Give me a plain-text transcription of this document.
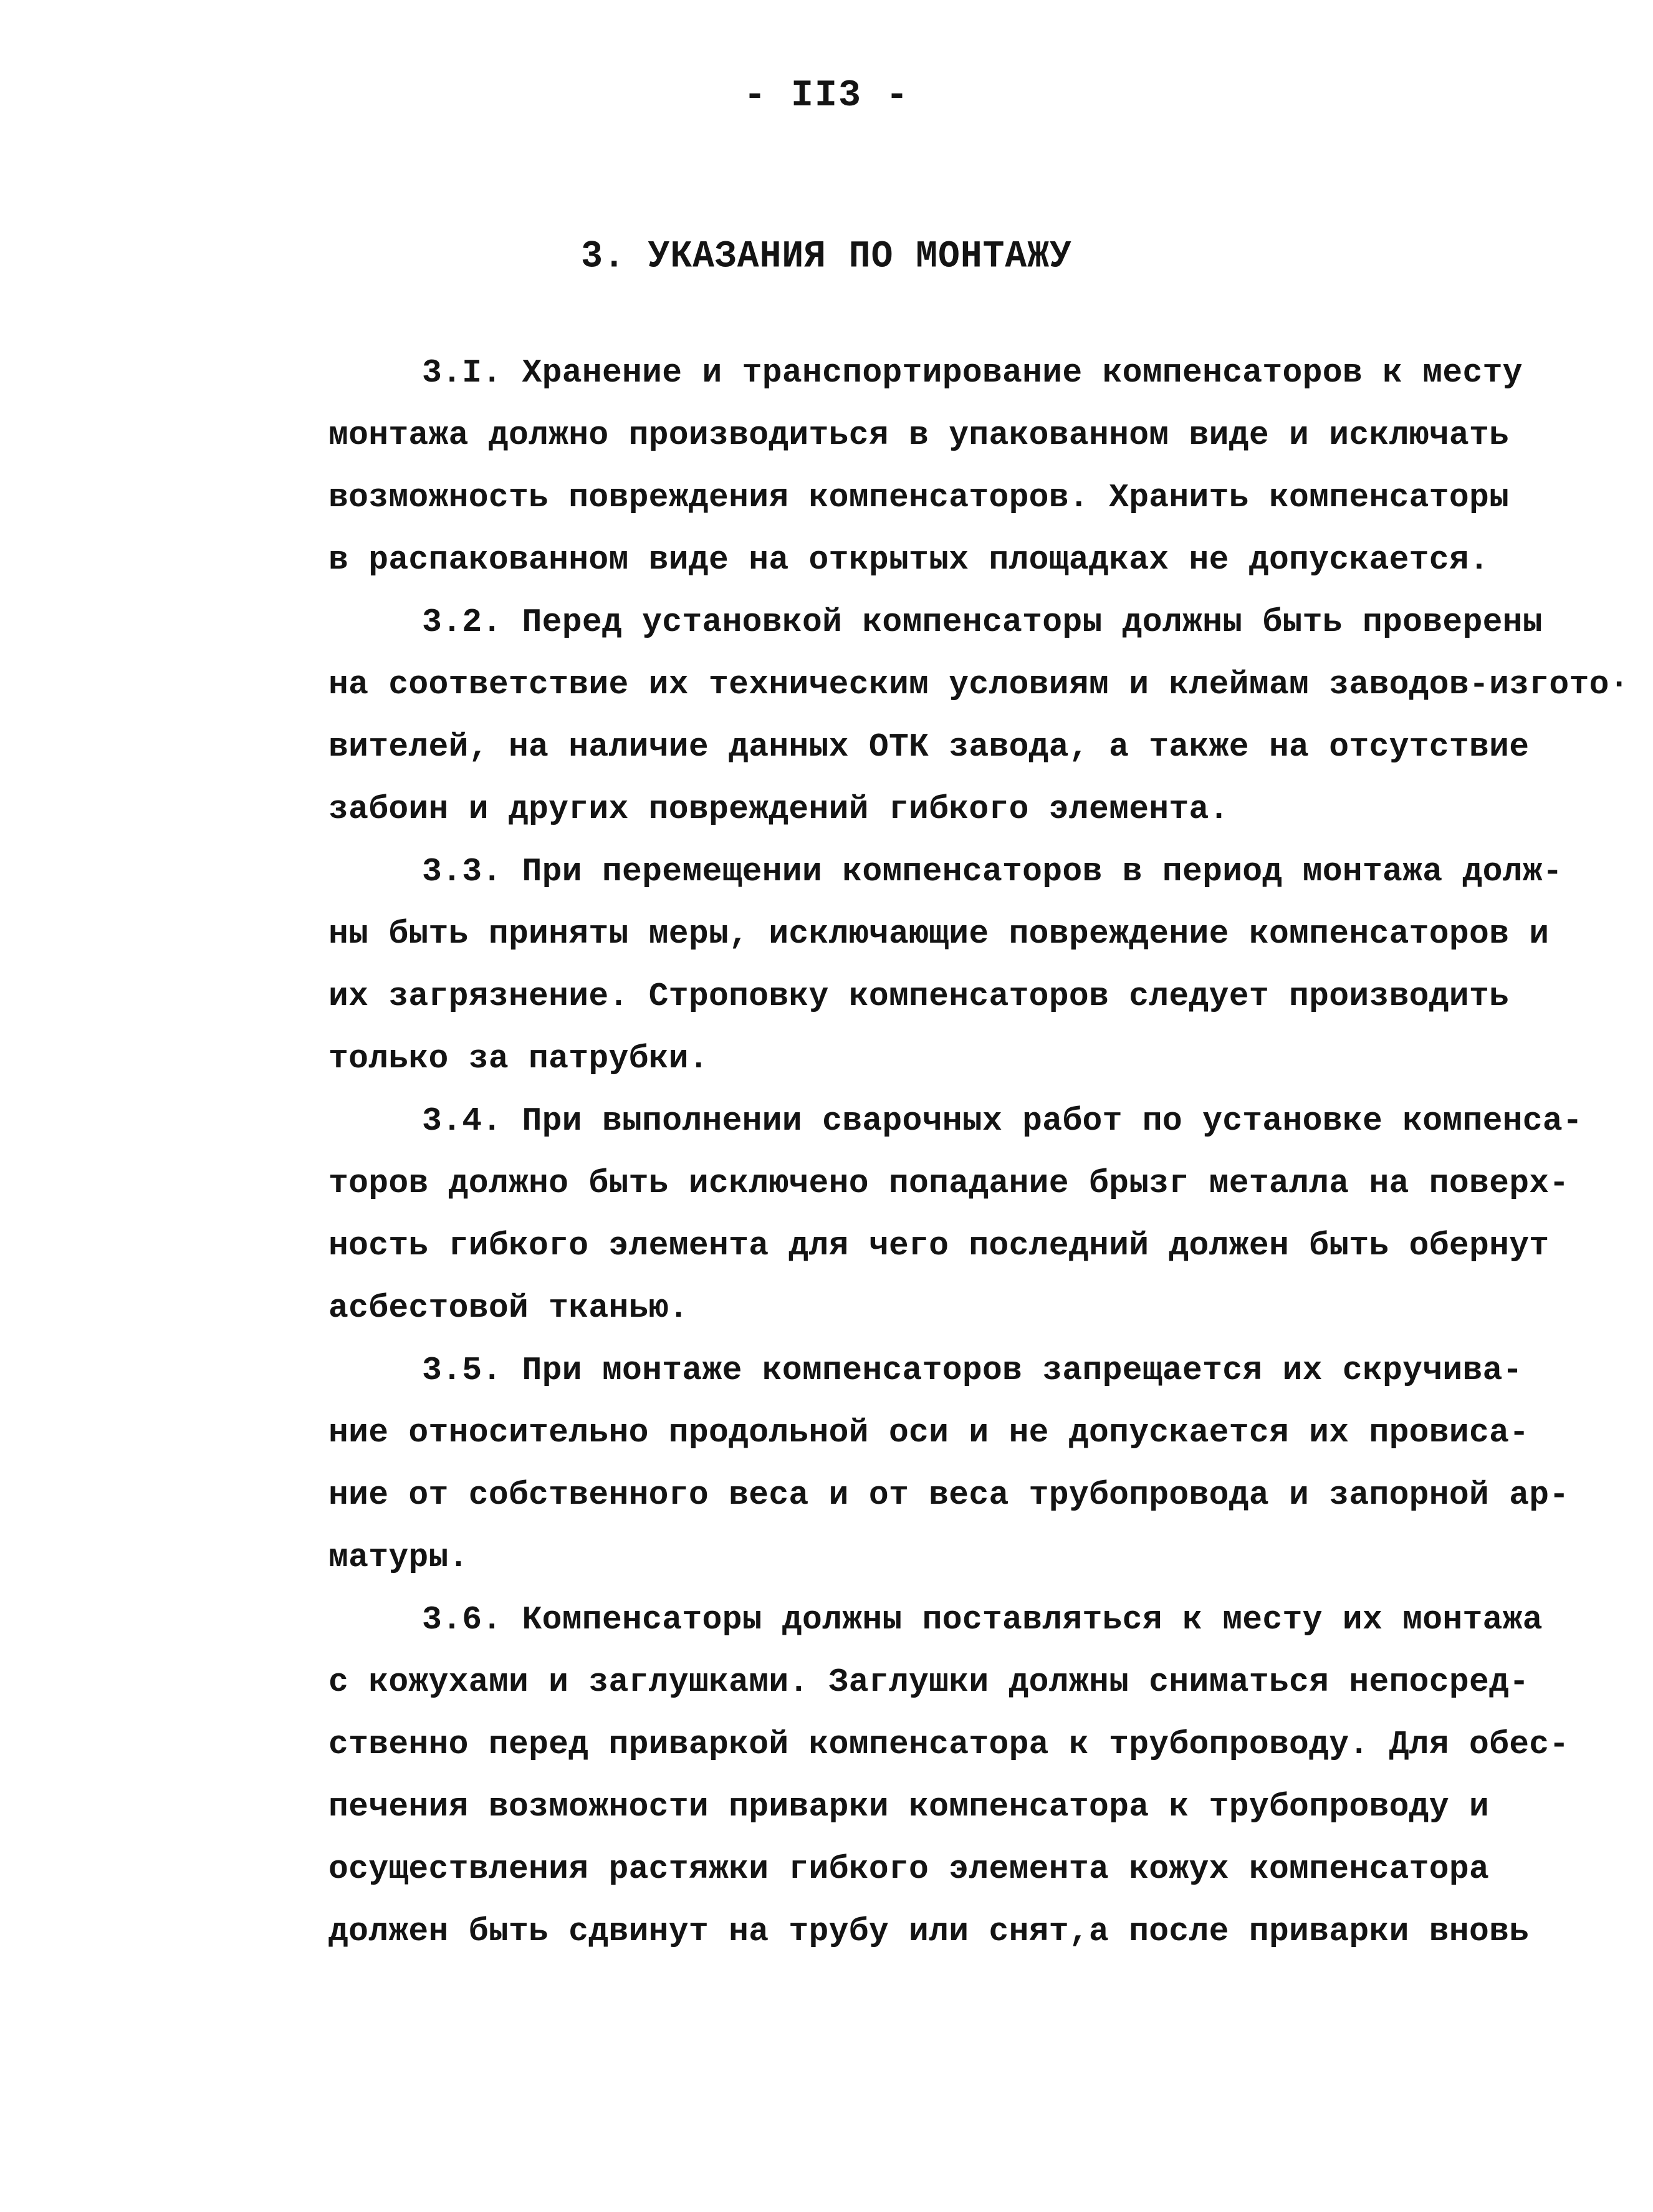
- II3 -
3. УКАЗАНИЯ ПО МОНТАЖУ
3.I. Хранение и транспортирование компенсаторов к месту
монтажа должно производиться в упакованном виде и исключать
возможность повреждения компенсаторов. Хранить компенсаторы
в распакованном виде на открытых площадках не допускается.
3.2. Перед установкой компенсаторы должны быть проверены
на соответствие их техническим условиям и клеймам заводов-изгото·
вителей, на наличие данных ОТК завода, а также на отсутствие
забоин и других повреждений гибкого элемента.
3.3. При перемещении компенсаторов в период монтажа долж-
ны быть приняты меры, исключающие повреждение компенсаторов и
их загрязнение. Строповку компенсаторов следует производить
только за патрубки.
3.4. При выполнении сварочных работ по установке компенса-
торов должно быть исключено попадание брызг металла на поверх-
ность гибкого элемента для чего последний должен быть обернут
асбестовой тканью.
3.5. При монтаже компенсаторов запрещается их скручива-
ние относительно продольной оси и не допускается их провиса-
ние от собственного веса и от веса трубопровода и запорной ар-
матуры.
3.6. Компенсаторы должны поставляться к месту их монтажа
с кожухами и заглушками. Заглушки должны сниматься непосред-
ственно перед приваркой компенсатора к трубопроводу. Для обес-
печения возможности приварки компенсатора к трубопроводу и
осуществления растяжки гибкого элемента кожух компенсатора
должен быть сдвинут на трубу или снят,а после приварки вновь
